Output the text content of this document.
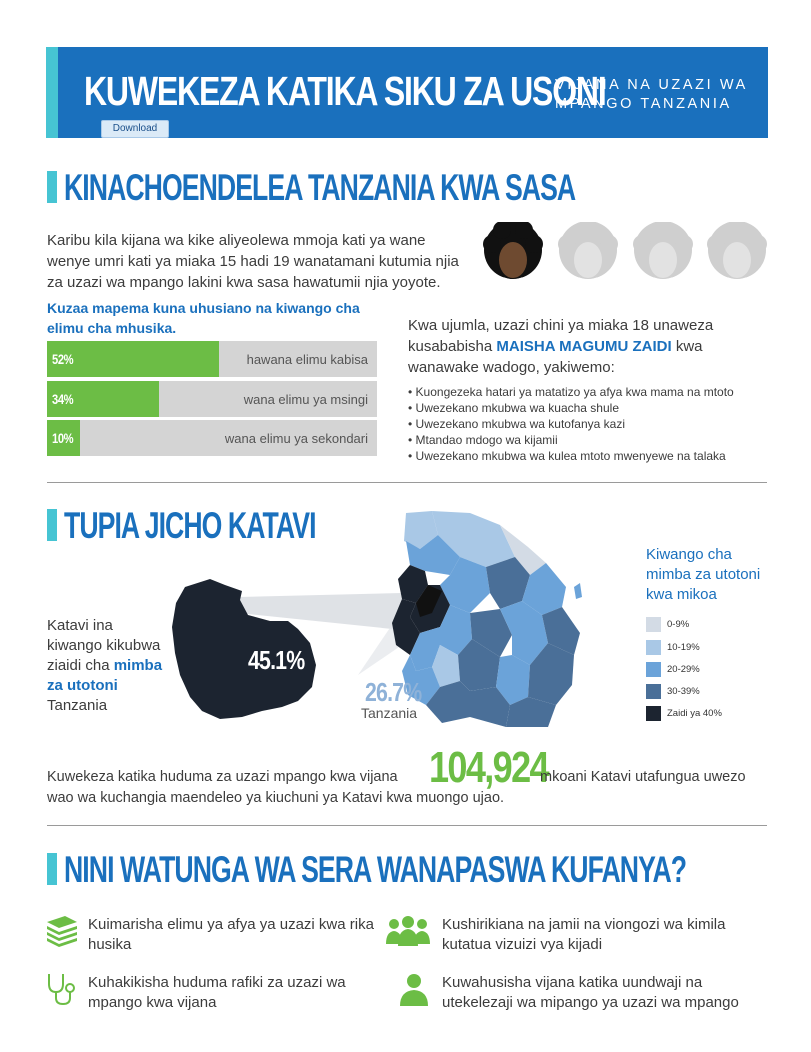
KUWEKEZA KATIKA SIKU ZA USONI
VIJANA NA UZAZI WA MPANGO TANZANIA
Download
KINACHOENDELEA TANZANIA KWA SASA
Karibu kila kijana wa kike aliyeolewa mmoja kati ya wane wenye umri kati ya miaka 15 hadi 19 wanatamani kutumia njia za uzazi wa mpango lakini kwa sasa hawatumii njia yoyote.
Kuzaa mapema kuna uhusiano na kiwango cha elimu cha mhusika.
52%	hawana elimu kabisa
34%	wana elimu ya msingi
10%	wana elimu ya sekondari
Kwa ujumla, uzazi chini ya miaka 18 unaweza kusababisha MAISHA MAGUMU ZAIDI kwa wanawake wadogo, yakiwemo:
• Kuongezeka hatari ya matatizo ya afya kwa mama na mtoto
• Uwezekano mkubwa wa kuacha shule
• Uwezekano mkubwa wa kutofanya kazi
• Mtandao mdogo wa kijamii
• Uwezekano mkubwa wa kulea mtoto mwenyewe na talaka
TUPIA JICHO KATAVI
Katavi ina kiwango kikubwa ziaidi cha mimba za utotoni Tanzania
45.1%
26.7%
Tanzania
Kiwango cha mimba za utotoni kwa mikoa
0-9%
10-19%
20-29%
30-39%
Zaidi ya 40%
Kuwekeza katika huduma za uzazi mpango kwa vijana 104,924
mkoani Katavi utafungua uwezo wao wa kuchangia maendeleo ya kiuchuni ya Katavi kwa muongo ujao.
NINI WATUNGA WA SERA WANAPASWA KUFANYA?
Kuimarisha elimu ya afya ya uzazi kwa rika husika
Kushirikiana na jamii na viongozi wa kimila kutatua vizuizi vya kijadi
Kuhakikisha huduma rafiki za uzazi wa mpango kwa vijana
Kuwahusisha vijana katika uundwaji na utekelezaji wa mipango ya uzazi wa mpango
